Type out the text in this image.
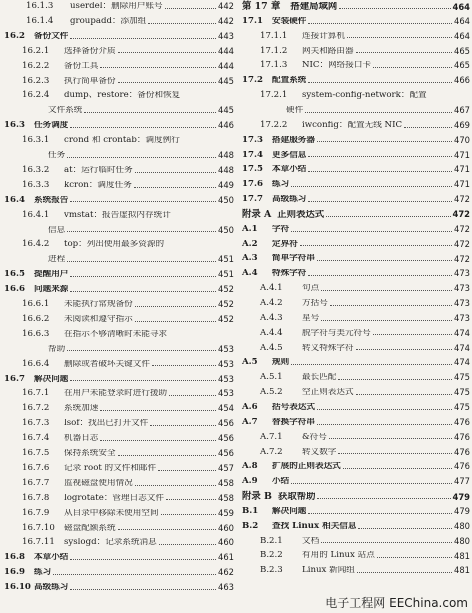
16.1.3	userdel：删除用户账号	442
16.1.4	groupadd：添加组	442
16.2	备份文件	443
16.2.1	选择备份介质	444
16.2.2	备份工具	444
16.2.3	执行简单备份	445
16.2.4	dump、restore：备份和恢复
文件系统	445
16.3	任务调度	446
16.3.1	crond 和 crontab：调度例行
任务	448
16.3.2	at：运行临时任务	448
16.3.3	kcron：调度任务	449
16.4	系统报告	450
16.4.1	vmstat：报告虚拟内存统计
信息	450
16.4.2	top：列出使用最多资源的
进程	451
16.5	提醒用户	451
16.6	问题来源	452
16.6.1	未能执行常规备份	452
16.6.2	未阅读和遵守指示	452
16.6.3	在指示不够清晰时未能寻求
帮助	453
16.6.4	删除或者破坏关键文件	453
16.7	解决问题	453
16.7.1	在用户未能登录时进行援助	453
16.7.2	系统加速	454
16.7.3	lsof：找出已打开文件	456
16.7.4	机器日志	456
16.7.5	保持系统安全	456
16.7.6	记录 root 的文件和邮件	457
16.7.7	监视磁盘使用情况	458
16.7.8	logrotate：管理日志文件	458
16.7.9	从目录中移除未使用空间	459
16.7.10	磁盘配额系统	460
16.7.11	syslogd：记录系统消息	460
16.8	本章小结	461
16.9	练习	462
16.10 高级练习	463
第 17 章 搭建局域网	464
17.1	安装硬件	464
17.1.1	连接计算机	464
17.1.2	网关和路由器	465
17.1.3	NIC：网络接口卡	465
17.2	配置系统	466
17.2.1	system-config-network：配置
硬件	467
17.2.2	iwconfig：配置无线 NIC	469
17.3	搭建服务器	470
17.4	更多信息	471
17.5	本章小结	471
17.6	练习	471
17.7	高级练习	472
附录 A 正则表达式	472
A.1	字符	472
A.2	定界符	472
A.3	简单字符串	472
A.4	特殊字符	473
A.4.1	句点	473
A.4.2	方括号	473
A.4.3	星号	473
A.4.4	脱字符与美元符号	474
A.4.5	转义特殊字符	474
A.5	规则	474
A.5.1	最长匹配	475
A.5.2	空正则表达式	475
A.6	括号表达式	475
A.7	替换字符串	476
A.7.1	&符号	476
A.7.2	转义数字	476
A.8	扩展的正则表达式	476
A.9	小结	477
附录 B 获取帮助	479
B.1	解决问题	479
B.2	查找 Linux 相关信息	480
B.2.1	文档	480
B.2.2	有用的 Linux 站点	481
B.2.3	Linux 新闻组	481
电子工程网 EEChina.com
